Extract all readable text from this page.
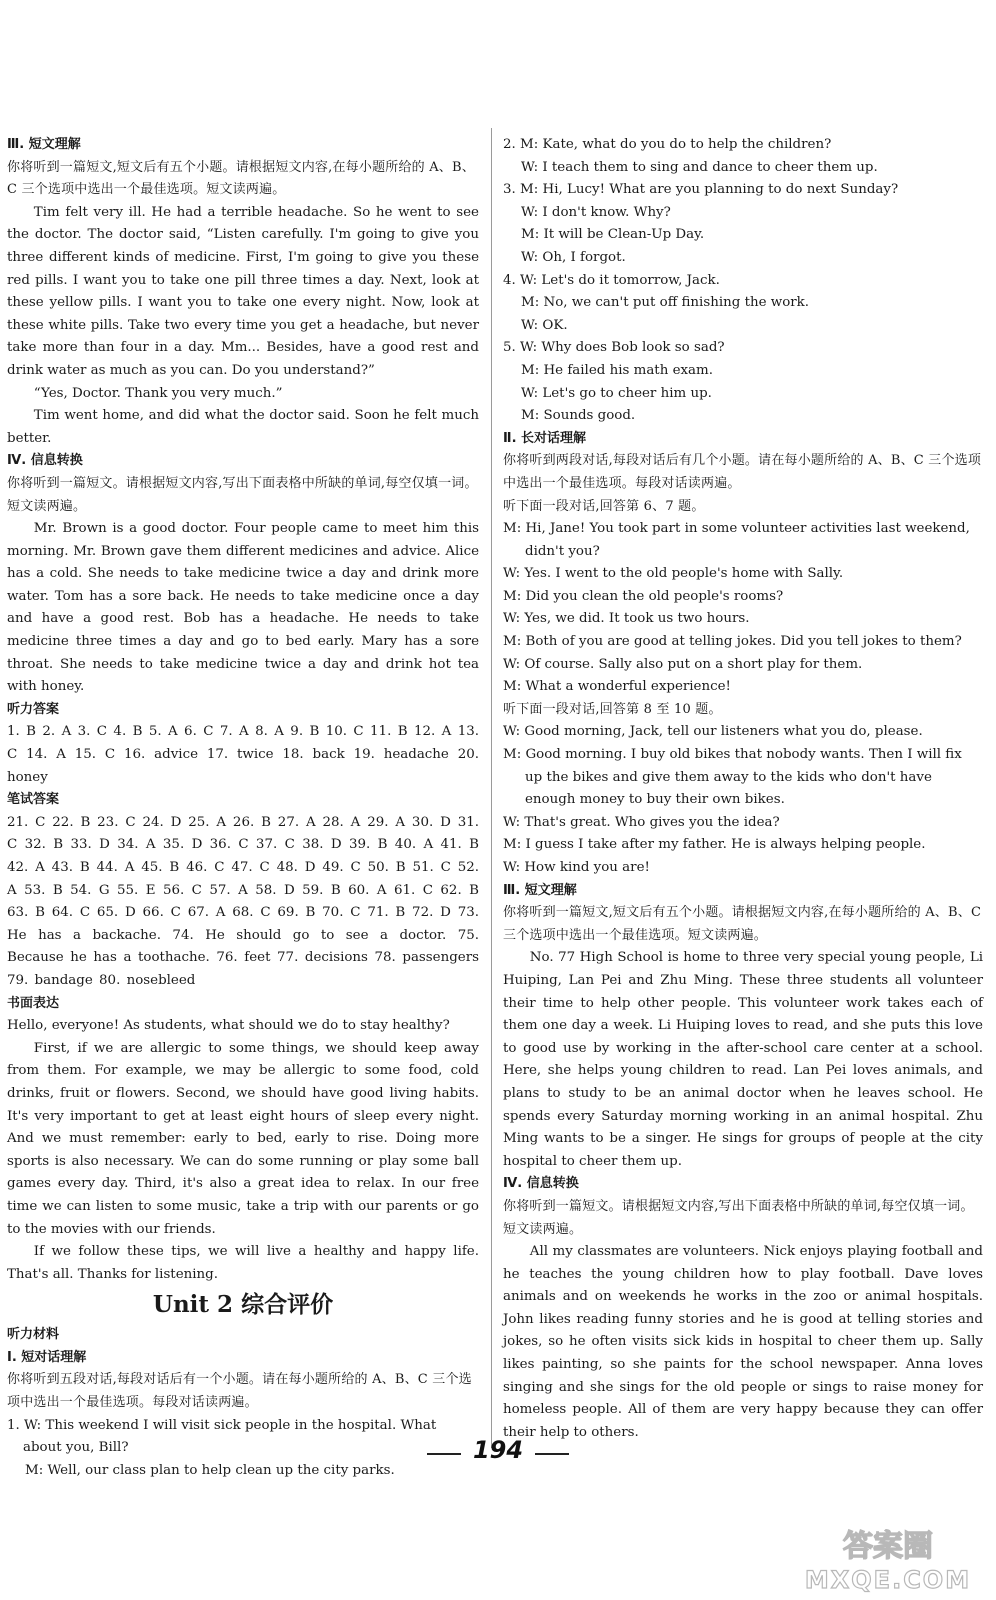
Ⅲ. 短文理解

你将听到一篇短文,短文后有五个小题。请根据短文内容,在每小题所给的 A、B、C 三个选项中选出一个最佳选项。短文读两遍。

Tim felt very ill. He had a terrible headache. So he went to see the doctor. The doctor said, “Listen carefully. I'm going to give you three different kinds of medicine. First, I'm going to give you these red pills. I want you to take one pill three times a day. Next, look at these yellow pills. I want you to take one every night. Now, look at these white pills. Take two every time you get a headache, but never take more than four in a day. Mm... Besides, have a good rest and drink water as much as you can. Do you understand?”

“Yes, Doctor. Thank you very much.”

Tim went home, and did what the doctor said. Soon he felt much better.

Ⅳ. 信息转换

你将听到一篇短文。请根据短文内容,写出下面表格中所缺的单词,每空仅填一词。短文读两遍。

Mr. Brown is a good doctor. Four people came to meet him this morning. Mr. Brown gave them different medicines and advice. Alice has a cold. She needs to take medicine twice a day and drink more water. Tom has a sore back. He needs to take medicine once a day and have a good rest. Bob has a headache. He needs to take medicine three times a day and go to bed early. Mary has a sore throat. She needs to take medicine twice a day and drink hot tea with honey.

听力答案

1. B 2. A 3. C 4. B 5. A 6. C 7. A 8. A 9. B 10. C 11. B 12. A 13. C 14. A 15. C 16. advice 17. twice 18. back 19. headache 20. honey

笔试答案

21. C 22. B 23. C 24. D 25. A 26. B 27. A 28. A 29. A 30. D 31. C 32. B 33. D 34. A 35. D 36. C 37. C 38. D 39. B 40. A 41. B 42. A 43. B 44. A 45. B 46. C 47. C 48. D 49. C 50. B 51. C 52. A 53. B 54. G 55. E 56. C 57. A 58. D 59. B 60. A 61. C 62. B 63. B 64. C 65. D 66. C 67. A 68. C 69. B 70. C 71. B 72. D 73. He has a backache. 74. He should go to see a doctor. 75. Because he has a toothache. 76. feet 77. decisions 78. passengers 79. bandage 80. nosebleed

书面表达

Hello, everyone! As students, what should we do to stay healthy?

First, if we are allergic to some things, we should keep away from them. For example, we may be allergic to some food, cold drinks, fruit or flowers. Second, we should have good living habits. It's very important to get at least eight hours of sleep every night. And we must remember: early to bed, early to rise. Doing more sports is also necessary. We can do some running or play some ball games every day. Third, it's also a great idea to relax. In our free time we can listen to some music, take a trip with our parents or go to the movies with our friends.

If we follow these tips, we will live a healthy and happy life. That's all. Thanks for listening.

Unit 2 综合评价

听力材料

Ⅰ. 短对话理解

你将听到五段对话,每段对话后有一个小题。请在每小题所给的 A、B、C 三个选项中选出一个最佳选项。每段对话读两遍。

1. W: This weekend I will visit sick people in the hospital. What about you, Bill?

M: Well, our class plan to help clean up the city parks.

2. M: Kate, what do you do to help the children?

W: I teach them to sing and dance to cheer them up.

3. M: Hi, Lucy! What are you planning to do next Sunday?

W: I don't know. Why?

M: It will be Clean-Up Day.

W: Oh, I forgot.

4. W: Let's do it tomorrow, Jack.

M: No, we can't put off finishing the work.

W: OK.

5. W: Why does Bob look so sad?

M: He failed his math exam.

W: Let's go to cheer him up.

M: Sounds good.

Ⅱ. 长对话理解

你将听到两段对话,每段对话后有几个小题。请在每小题所给的 A、B、C 三个选项中选出一个最佳选项。每段对话读两遍。

听下面一段对话,回答第 6、7 题。

M: Hi, Jane! You took part in some volunteer activities last weekend, didn't you?

W: Yes. I went to the old people's home with Sally.

M: Did you clean the old people's rooms?

W: Yes, we did. It took us two hours.

M: Both of you are good at telling jokes. Did you tell jokes to them?

W: Of course. Sally also put on a short play for them.

M: What a wonderful experience!

听下面一段对话,回答第 8 至 10 题。

W: Good morning, Jack, tell our listeners what you do, please.

M: Good morning. I buy old bikes that nobody wants. Then I will fix up the bikes and give them away to the kids who don't have enough money to buy their own bikes.

W: That's great. Who gives you the idea?

M: I guess I take after my father. He is always helping people.

W: How kind you are!

Ⅲ. 短文理解

你将听到一篇短文,短文后有五个小题。请根据短文内容,在每小题所给的 A、B、C 三个选项中选出一个最佳选项。短文读两遍。

No. 77 High School is home to three very special young people, Li Huiping, Lan Pei and Zhu Ming. These three students all volunteer their time to help other people. This volunteer work takes each of them one day a week. Li Huiping loves to read, and she puts this love to good use by working in the after-school care center at a school. Here, she helps young children to read. Lan Pei loves animals, and plans to study to be an animal doctor when he leaves school. He spends every Saturday morning working in an animal hospital. Zhu Ming wants to be a singer. He sings for groups of people at the city hospital to cheer them up.

Ⅳ. 信息转换

你将听到一篇短文。请根据短文内容,写出下面表格中所缺的单词,每空仅填一词。短文读两遍。

All my classmates are volunteers. Nick enjoys playing football and he teaches the young children how to play football. Dave loves animals and on weekends he works in the zoo or animal hospitals. John likes reading funny stories and he is good at telling stories and jokes, so he often visits sick kids in hospital to cheer them up. Sally likes painting, so she paints for the school newspaper. Anna loves singing and she sings for the old people or sings to raise money for homeless people. All of them are very happy because they can offer their help to others.

194
答案圈
MXQE.COM
